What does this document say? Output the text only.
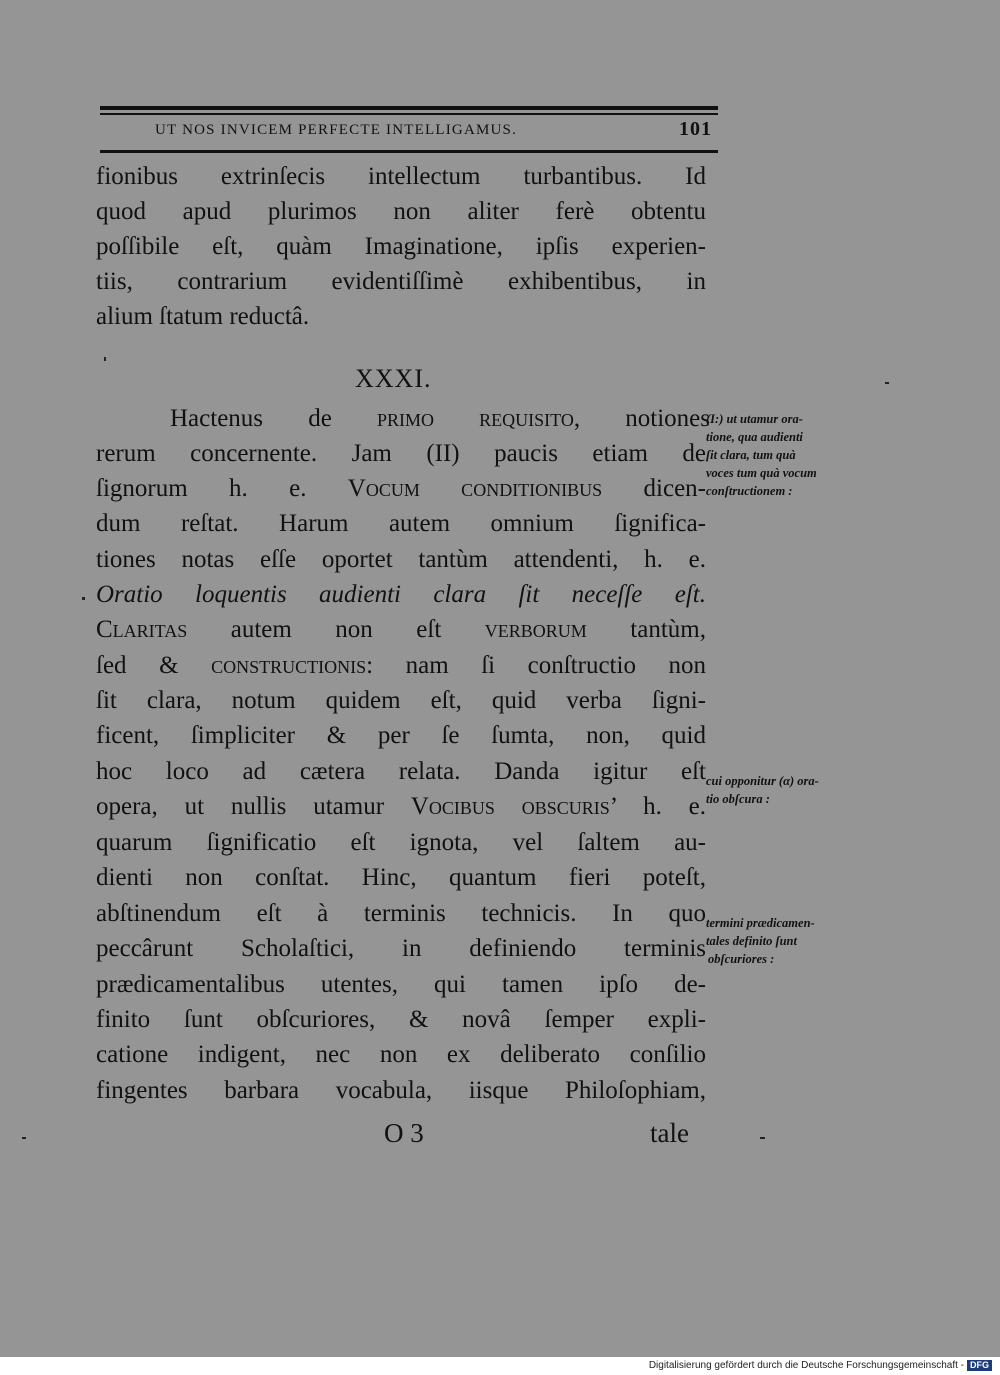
UT NOS INVICEM PERFECTE INTELLIGAMUS.	101
fionibus extrinſecis intellectum turbantibus. Id
quod apud plurimos non aliter ferè obtentu
poſſibile eſt, quàm Imaginatione, ipſis experien-
tiis, contrarium evidentiſſimè exhibentibus, in
alium ſtatum reductâ.
XXXI.
Hactenus de primo requisito, notiones
rerum concernente. Jam (II) paucis etiam de
ſignorum h. e. Vocum conditionibus dicen-
dum reſtat. Harum autem omnium ſignifica-
tiones notas eſſe oportet tantùm attendenti, h. e.
Oratio loquentis audienti clara ſit neceſſe eſt.
Claritas autem non eſt verborum tantùm,
ſed & constructionis: nam ſi conſtructio non
ſit clara, notum quidem eſt, quid verba ſigni-
ficent, ſimpliciter & per ſe ſumta, non, quid
hoc loco ad cætera relata. Danda igitur eſt
opera, ut nullis utamur Vocibus obscuris’ h. e.
quarum ſignificatio eſt ignota, vel ſaltem au-
dienti non conſtat. Hinc, quantum fieri poteſt,
abſtinendum eſt à terminis technicis. In quo
peccârunt Scholaſtici, in definiendo terminis
prædicamentalibus utentes, qui tamen ipſo de-
finito ſunt obſcuriores, & novâ ſemper expli-
catione indigent, nec non ex deliberato conſilio
fingentes barbara vocabula, iisque Philoſophiam,
(I:) ut utamur ora-
tione, qua audienti
ſit clara, tum quà
voces tum quà vocum
conſtructionem :
cui opponitur (α) ora-
tio obſcura :
termini prædicamen-
tales definito ſunt
obſcuriores :
O 3	tale
Digitalisierung gefördert durch die Deutsche Forschungsgemeinschaft - DFG
